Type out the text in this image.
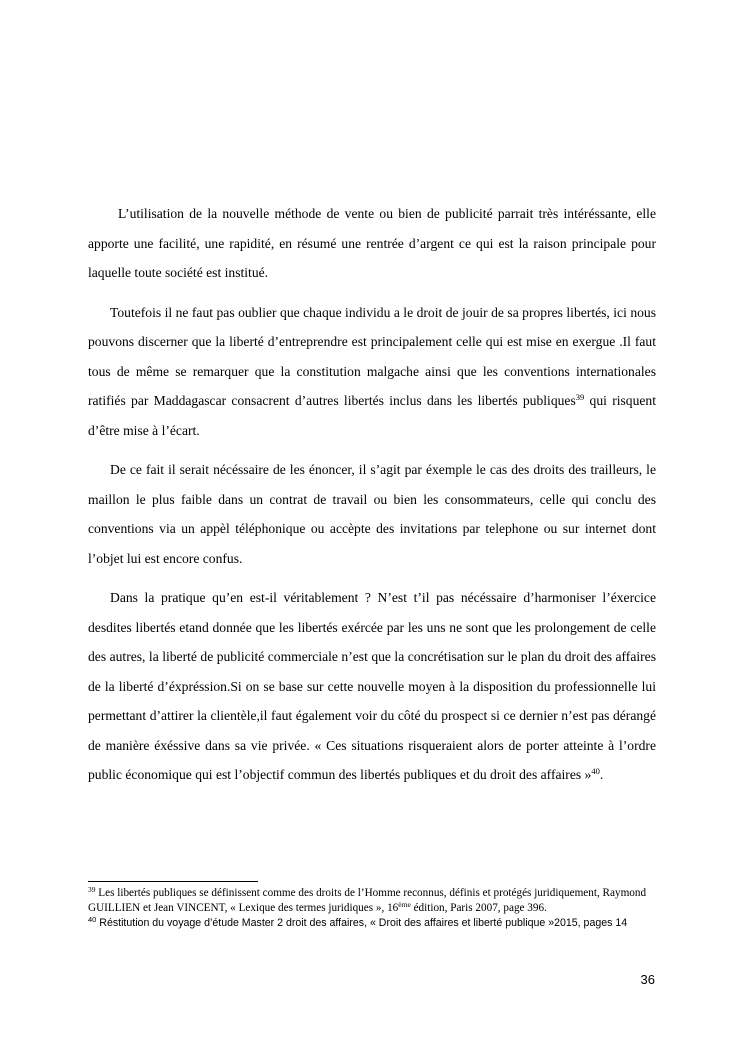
L’utilisation de la nouvelle méthode de vente ou bien de publicité parrait très intéréssante, elle apporte une facilité, une rapidité, en résumé une rentrée d’argent ce qui est la raison principale pour laquelle toute société est institué.

Toutefois il ne faut pas oublier que chaque individu a le droit de jouir de sa propres libertés, ici nous pouvons discerner que la liberté d’entreprendre est principalement celle qui est mise en exergue .Il faut tous de même se remarquer que la constitution malgache ainsi que les conventions internationales ratifiés par Maddagascar consacrent d’autres libertés inclus dans les libertés publiques$^{39}$ qui risquent d’être mise à l’écart.

De ce fait il serait nécéssaire de les énoncer, il s’agit par éxemple le cas des droits des trailleurs, le maillon le plus faible dans un contrat de travail ou bien les consommateurs, celle qui conclu des conventions via un appèl téléphonique ou accèpte des invitations par telephone ou sur internet dont l’objet lui est encore confus.

Dans la pratique qu’en est-il véritablement ? N’est t’il pas nécéssaire d’harmoniser l’éxercice desdites libertés etand donnée que les libertés exércée par les uns ne sont que les prolongement de celle des autres, la liberté de publicité commerciale n’est que la concrétisation sur le plan du droit des affaires de la liberté d’éxpréssion.Si on se base sur cette nouvelle moyen à la disposition du professionnelle lui permettant d’attirer la clientèle,il faut également voir du côté du prospect si ce dernier n’est pas dérangé de manière éxéssive dans sa vie privée. « Ces situations risqueraient alors de porter atteinte à l’ordre public économique qui est l’objectif commun des libertés publiques et du droit des affaires »$^{40}$.

$^{39}$ Les libertés publiques se définissent comme des droits de l’Homme reconnus, définis et protégés juridiquement, Raymond GUILLIEN et Jean VINCENT, « Lexique des termes juridiques », 16ème édition, Paris 2007, page 396.

$^{40}$ Réstitution du voyage d’étude Master 2 droit des affaires, « Droit des affaires et liberté publique »2015, pages 14

36
